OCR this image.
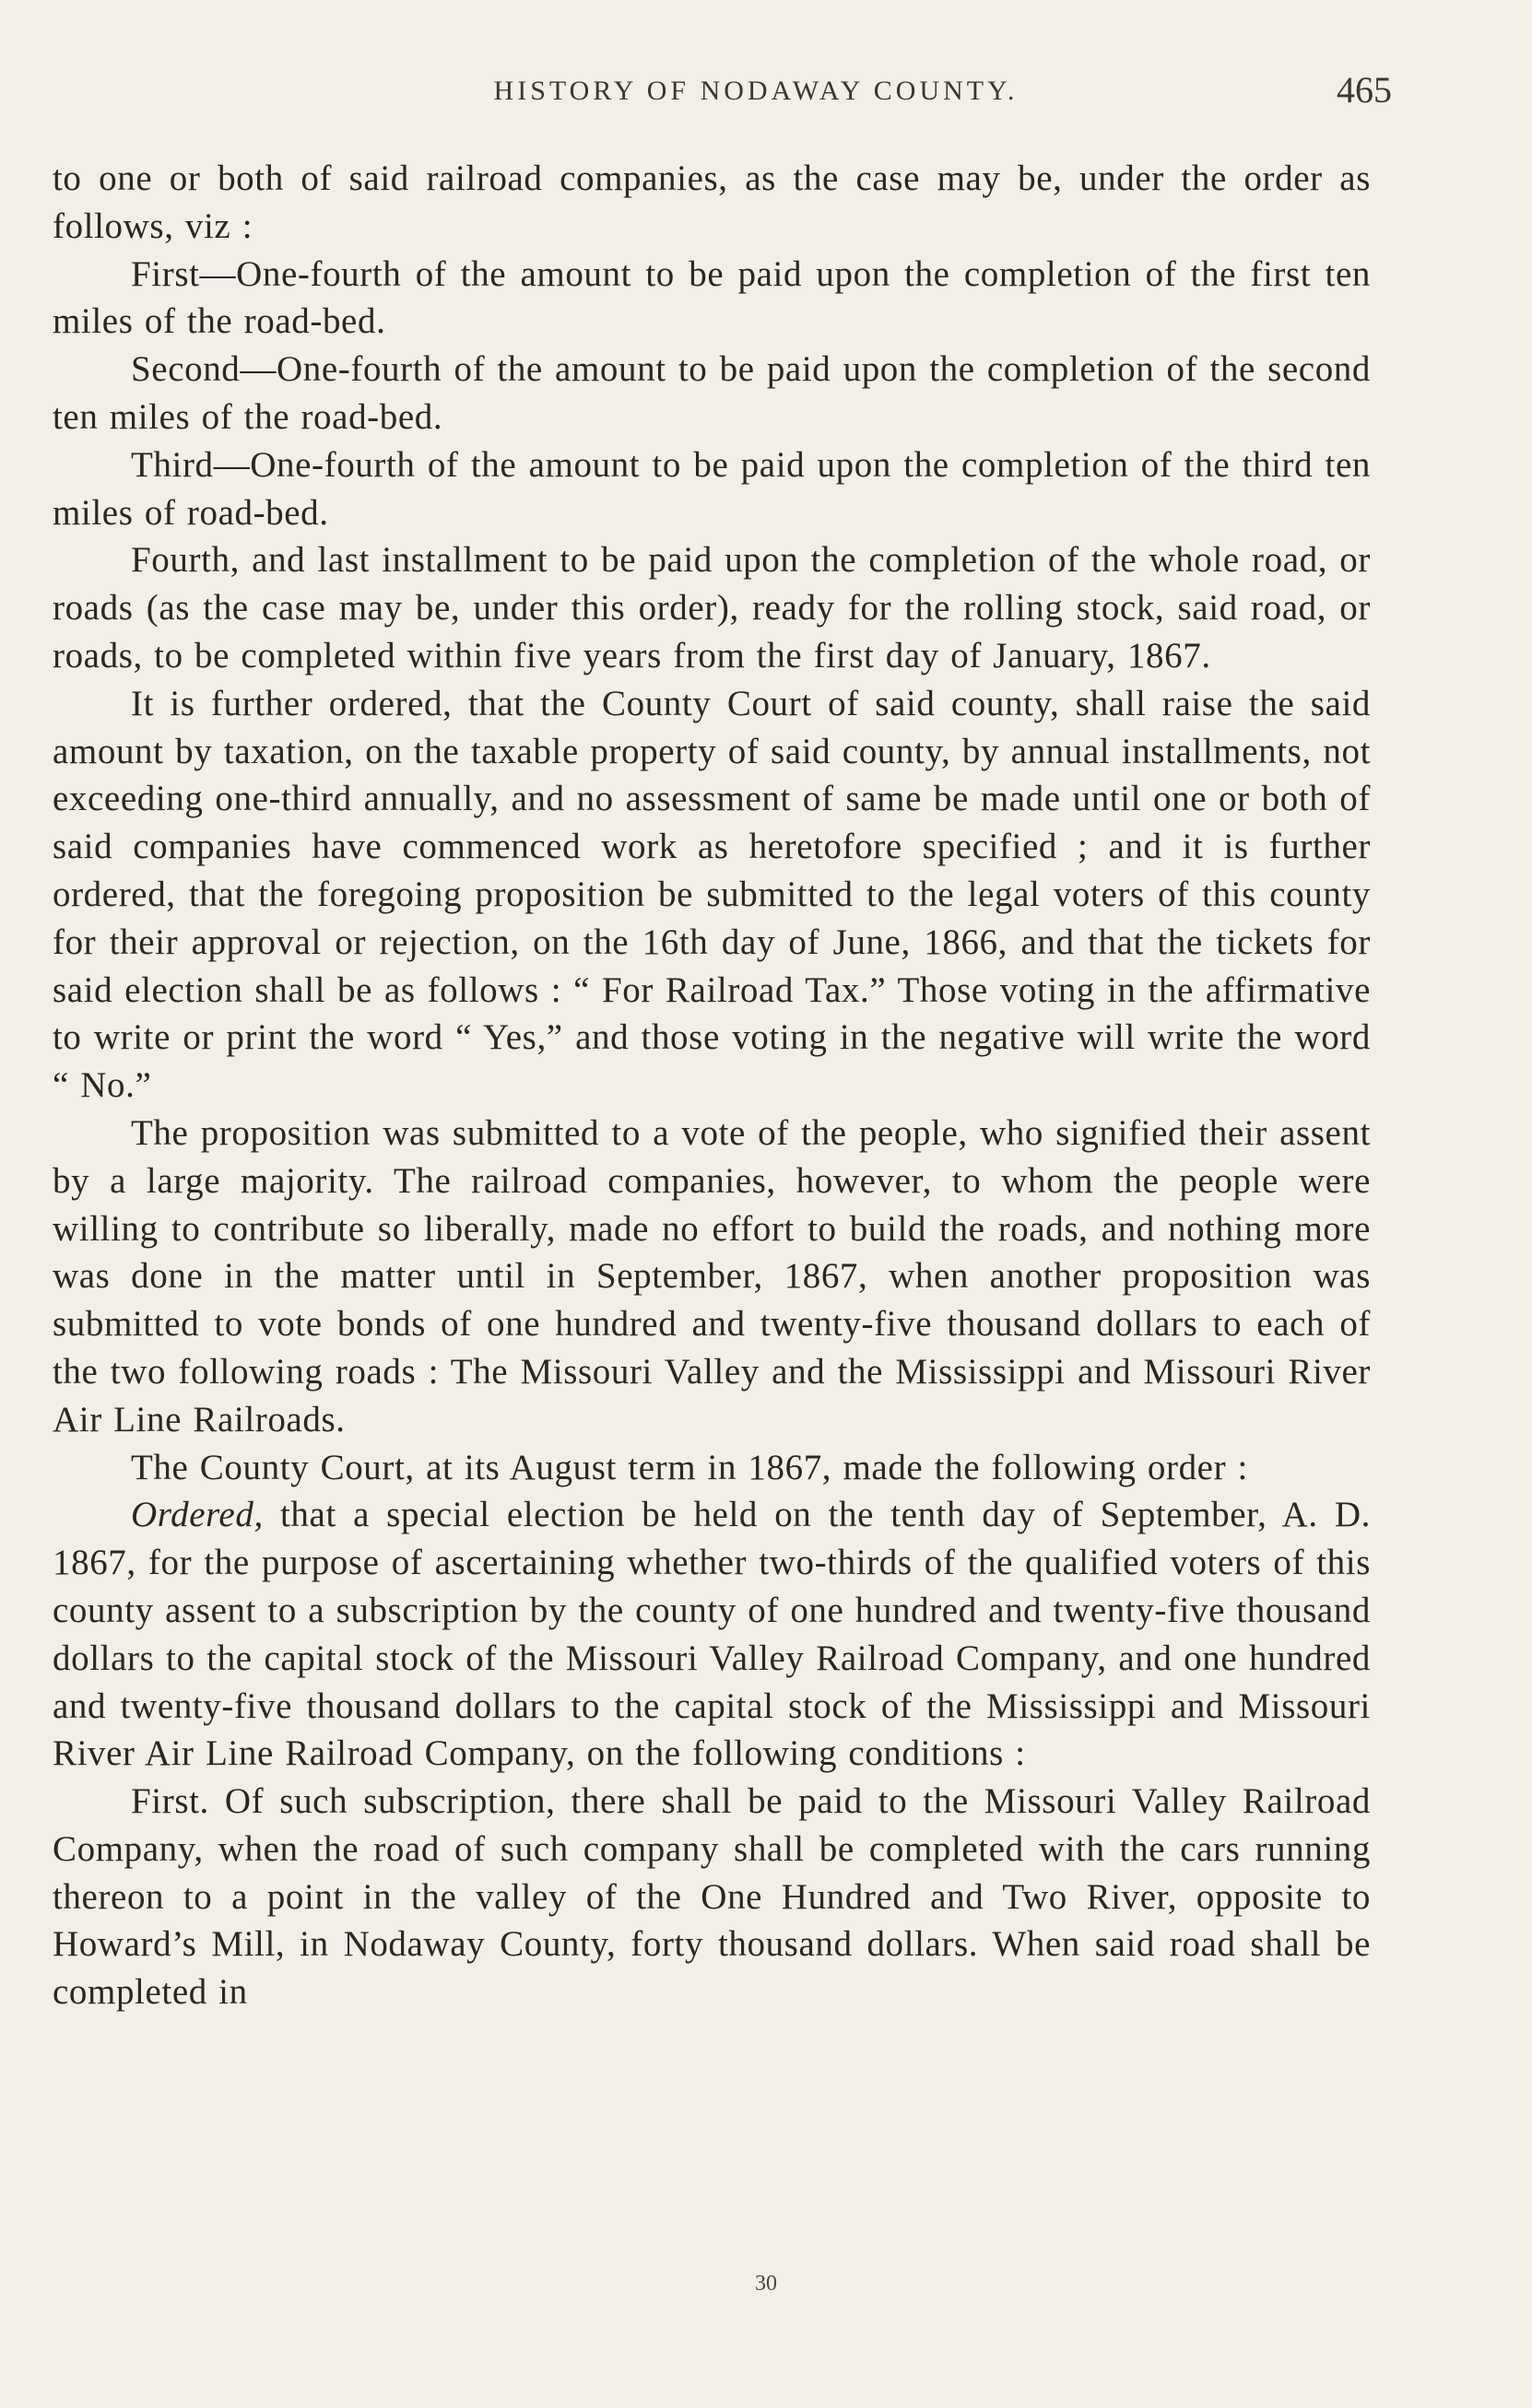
HISTORY OF NODAWAY COUNTY.	465

to one or both of said railroad companies, as the case may be, under the order as follows, viz :

First—One-fourth of the amount to be paid upon the completion of the first ten miles of the road-bed.

Second—One-fourth of the amount to be paid upon the completion of the second ten miles of the road-bed.

Third—One-fourth of the amount to be paid upon the completion of the third ten miles of road-bed.

Fourth, and last installment to be paid upon the completion of the whole road, or roads (as the case may be, under this order), ready for the rolling stock, said road, or roads, to be completed within five years from the first day of January, 1867.

It is further ordered, that the County Court of said county, shall raise the said amount by taxation, on the taxable property of said county, by annual installments, not exceeding one-third annually, and no assessment of same be made until one or both of said companies have commenced work as heretofore specified ; and it is further ordered, that the foregoing proposition be submitted to the legal voters of this county for their approval or rejection, on the 16th day of June, 1866, and that the tickets for said election shall be as follows : “ For Railroad Tax.” Those voting in the affirmative to write or print the word “ Yes,” and those voting in the negative will write the word “ No.”

The proposition was submitted to a vote of the people, who signified their assent by a large majority. The railroad companies, however, to whom the people were willing to contribute so liberally, made no effort to build the roads, and nothing more was done in the matter until in September, 1867, when another proposition was submitted to vote bonds of one hundred and twenty-five thousand dollars to each of the two following roads : The Missouri Valley and the Mississippi and Missouri River Air Line Railroads.

The County Court, at its August term in 1867, made the following order :

Ordered, that a special election be held on the tenth day of September, A. D. 1867, for the purpose of ascertaining whether two-thirds of the qualified voters of this county assent to a subscription by the county of one hundred and twenty-five thousand dollars to the capital stock of the Missouri Valley Railroad Company, and one hundred and twenty-five thousand dollars to the capital stock of the Mississippi and Missouri River Air Line Railroad Company, on the following conditions :

First. Of such subscription, there shall be paid to the Missouri Valley Railroad Company, when the road of such company shall be completed with the cars running thereon to a point in the valley of the One Hundred and Two River, opposite to Howard’s Mill, in Nodaway County, forty thousand dollars. When said road shall be completed in

30
